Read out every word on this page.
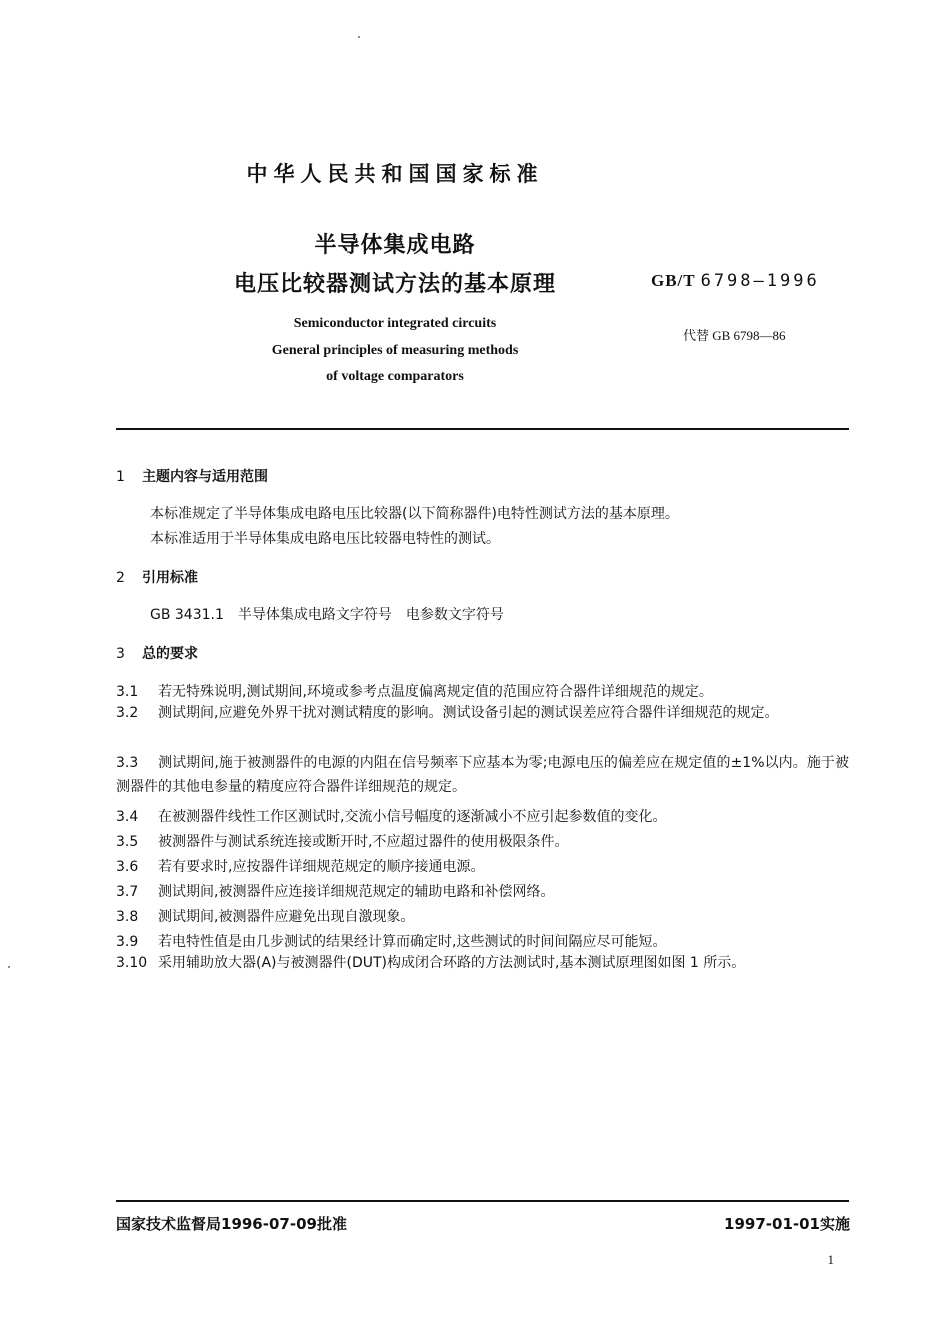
中华人民共和国国家标准
半导体集成电路
电压比较器测试方法的基本原理	GB/T 6798—1996
代替 GB 6798—86
Semiconductor integrated circuits
General principles of measuring methods
of voltage comparators
1 主题内容与适用范围
本标准规定了半导体集成电路电压比较器(以下简称器件)电特性测试方法的基本原理。
本标准适用于半导体集成电路电压比较器电特性的测试。
2 引用标准
GB 3431.1　半导体集成电路文字符号　电参数文字符号
3 总的要求
3.1 若无特殊说明,测试期间,环境或参考点温度偏离规定值的范围应符合器件详细规范的规定。
3.2 测试期间,应避免外界干扰对测试精度的影响。测试设备引起的测试误差应符合器件详细规范的规定。
3.3 测试期间,施于被测器件的电源的内阻在信号频率下应基本为零;电源电压的偏差应在规定值的±1%以内。施于被测器件的其他电参量的精度应符合器件详细规范的规定。
3.4 在被测器件线性工作区测试时,交流小信号幅度的逐渐减小不应引起参数值的变化。
3.5 被测器件与测试系统连接或断开时,不应超过器件的使用极限条件。
3.6 若有要求时,应按器件详细规范规定的顺序接通电源。
3.7 测试期间,被测器件应连接详细规范规定的辅助电路和补偿网络。
3.8 测试期间,被测器件应避免出现自激现象。
3.9 若电特性值是由几步测试的结果经计算而确定时,这些测试的时间间隔应尽可能短。
3.10 采用辅助放大器(A)与被测器件(DUT)构成闭合环路的方法测试时,基本测试原理图如图 1 所示。
国家技术监督局1996-07-09批准	1997-01-01实施
1
